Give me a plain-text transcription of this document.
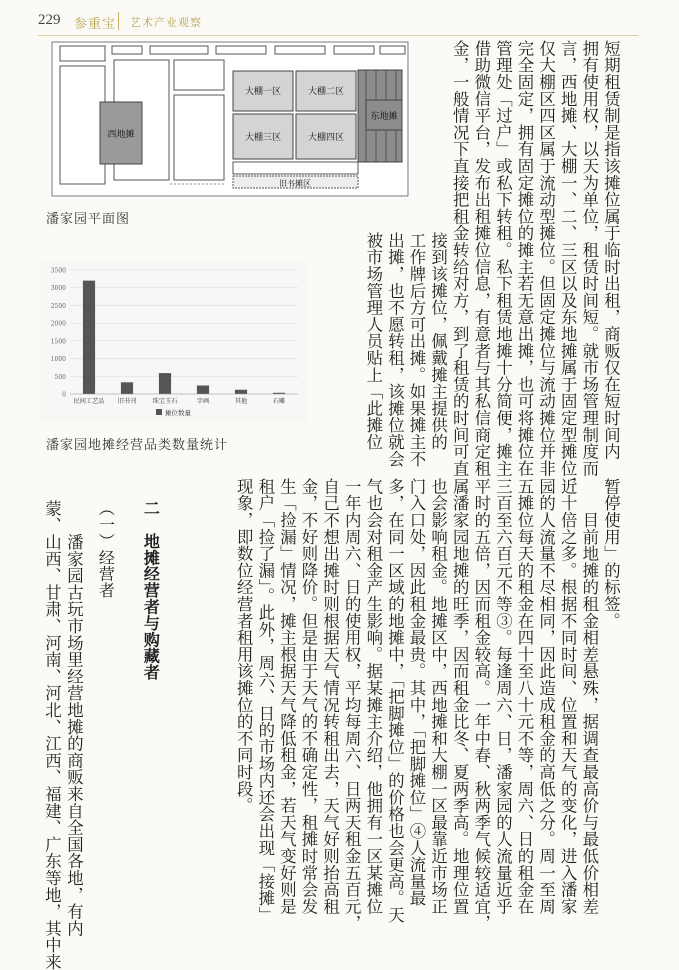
229 参重宝 艺术产业观察
西地摊
大棚一区	大棚二区
大棚三区	大棚四区
东地摊
旧书摊区
潘家园平面图
0
500
1000
1500
2000
2500
3000
3500
民间工艺品 旧书刊	珠宝玉石	字画	其他	石雕
摊位数量
潘家园地摊经营品类数量统计	短期租赁制是指该摊位属于临时出租，商贩仅在短时间内
拥有使用权，以天为单位，租赁时间短。就市场管理制度而
言，西地摊、大棚一、二、三区以及东地摊属于固定型摊位，
仅大棚区四区属于流动型摊位。但固定摊位与流动摊位并非
完全固定，拥有固定摊位的摊主若无意出摊，也可将摊位在
管理处「过户」或私下转租。私下租赁地摊十分简便，摊主
借助微信平台，发布出租摊位信息，有意者与其私信商定租
金，一般情况下直接把租金转给对方，到了租赁的时间可直
接到该摊位，佩戴摊主提供的
工作牌后方可出摊。如果摊主不
出摊，也不愿转租，该摊位就会
被市场管理人员贴上「此摊位
暂停使用」的标签。
　　目前地摊的租金相差悬殊，据调查最高价与最低价相差
近十倍之多。根据不同时间、位置和天气的变化，进入潘家
园的人流量不尽相同，因此造成租金的高低之分。周一至周
五摊位每天的租金在四十至八十元不等，周六、日的租金在
三百至六百元不等③。每逢周六、日，潘家园的人流量近乎
平时的五倍，因而租金较高。一年中春、秋两季气候较适宜，
属潘家园地摊的旺季，因而租金比冬、夏两季高。地理位置
也会影响租金。地摊区中，西地摊和大棚一区最靠近市场正
门入口处，因此租金最贵。其中，「把脚摊位」④人流量最
多，在同一区域的地摊中，「把脚摊位」的价格也会更高。天
气也会对租金产生影响。据某摊主介绍，他拥有一区某摊位
一年内周六、日的使用权，平均每周六、日两天租金五百元，
自己不想出摊时则根据天气情况转租出去，天气好则抬高租
金，不好则降价。但是由于天气的不确定性，租摊时常会发
生「捡漏」情况，摊主根据天气降低租金，若天气变好则是
租户「捡了漏」。此外，周六、日的市场内还会出现「接摊」
现象，即数位经营者租用该摊位的不同时段。
二　地摊经营者与购藏者
（一）经营者
　　潘家园古玩市场里经营地摊的商贩来自全国各地，有内
蒙、山西、甘肃、河南、河北、江西、福建、广东等地，其中来
